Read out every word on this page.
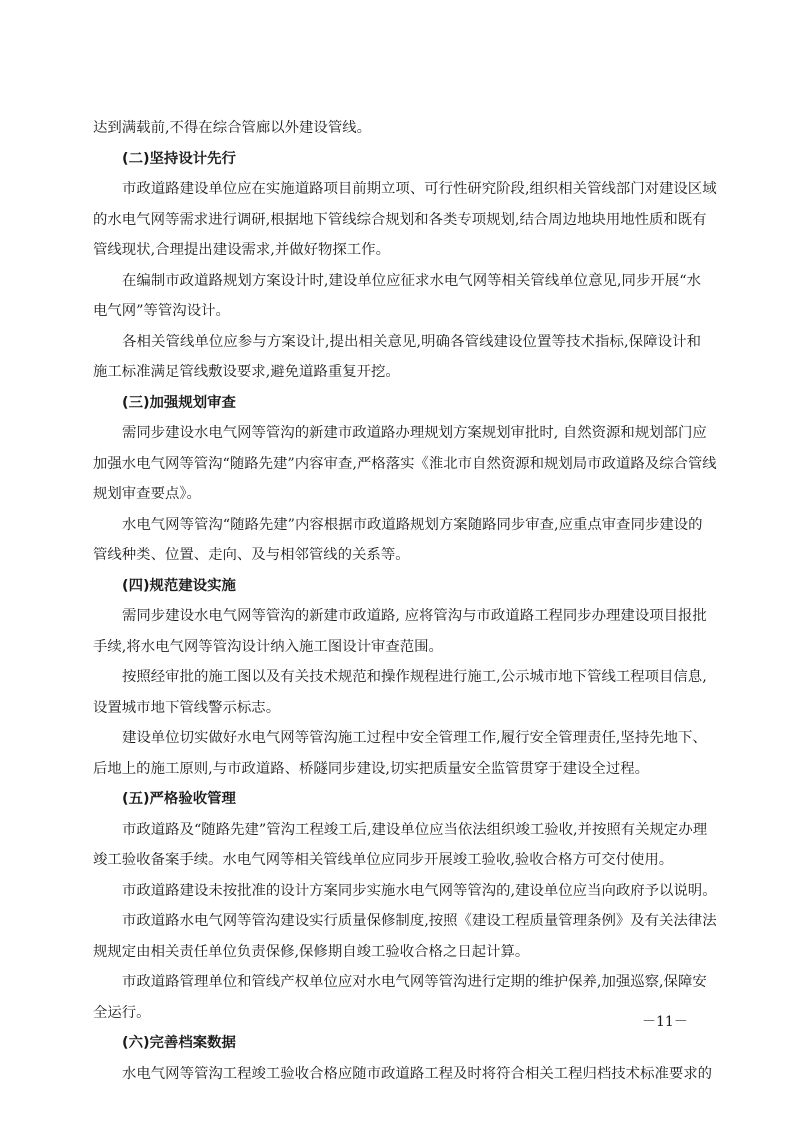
达到满载前,不得在综合管廊以外建设管线。

(二)坚持设计先行

市政道路建设单位应在实施道路项目前期立项、可行性研究阶段,组织相关管线部门对建设区域

的水电气网等需求进行调研,根据地下管线综合规划和各类专项规划,结合周边地块用地性质和既有

管线现状,合理提出建设需求,并做好物探工作。

在编制市政道路规划方案设计时,建设单位应征求水电气网等相关管线单位意见,同步开展“水

电气网”等管沟设计。

各相关管线单位应参与方案设计,提出相关意见,明确各管线建设位置等技术指标,保障设计和

施工标准满足管线敷设要求,避免道路重复开挖。

(三)加强规划审查

需同步建设水电气网等管沟的新建市政道路办理规划方案规划审批时, 自然资源和规划部门应

加强水电气网等管沟“随路先建”内容审查,严格落实《淮北市自然资源和规划局市政道路及综合管线

规划审查要点》。

水电气网等管沟“随路先建”内容根据市政道路规划方案随路同步审查,应重点审查同步建设的

管线种类、位置、走向、及与相邻管线的关系等。

(四)规范建设实施

需同步建设水电气网等管沟的新建市政道路, 应将管沟与市政道路工程同步办理建设项目报批

手续,将水电气网等管沟设计纳入施工图设计审查范围。

按照经审批的施工图以及有关技术规范和操作规程进行施工,公示城市地下管线工程项目信息,

设置城市地下管线警示标志。

建设单位切实做好水电气网等管沟施工过程中安全管理工作,履行安全管理责任,坚持先地下、

后地上的施工原则,与市政道路、桥隧同步建设,切实把质量安全监管贯穿于建设全过程。

(五)严格验收管理

市政道路及“随路先建”管沟工程竣工后,建设单位应当依法组织竣工验收,并按照有关规定办理

竣工验收备案手续。水电气网等相关管线单位应同步开展竣工验收,验收合格方可交付使用。

市政道路建设未按批准的设计方案同步实施水电气网等管沟的,建设单位应当向政府予以说明。

市政道路水电气网等管沟建设实行质量保修制度,按照《建设工程质量管理条例》及有关法律法

规规定由相关责任单位负责保修,保修期自竣工验收合格之日起计算。

市政道路管理单位和管线产权单位应对水电气网等管沟进行定期的维护保养,加强巡察,保障安

全运行。

(六)完善档案数据

水电气网等管沟工程竣工验收合格应随市政道路工程及时将符合相关工程归档技术标准要求的

－11－
